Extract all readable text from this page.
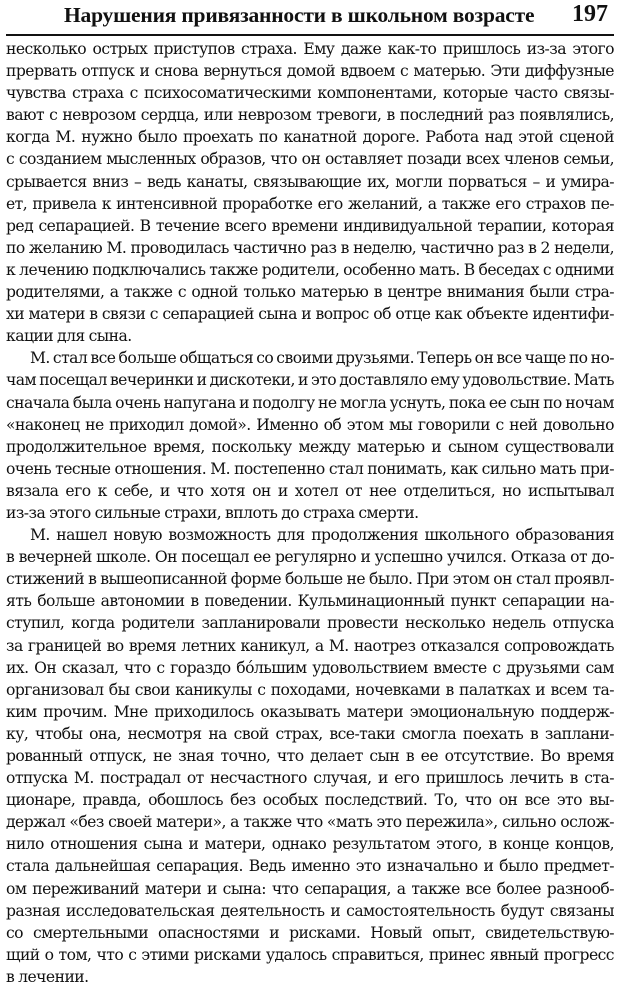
Нарушения привязанности в школьном возрасте 197
несколько острых приступов страха. Ему даже как-то пришлось из-за этого
прервать отпуск и снова вернуться домой вдвоем с матерью. Эти диффузные
чувства страха с психосоматическими компонентами, которые часто связы-
вают с неврозом сердца, или неврозом тревоги, в последний раз появлялись,
когда М. нужно было проехать по канатной дороге. Работа над этой сценой
с созданием мысленных образов, что он оставляет позади всех членов семьи,
срывается вниз – ведь канаты, связывающие их, могли порваться – и умира-
ет, привела к интенсивной проработке его желаний, а также его страхов пе-
ред сепарацией. В течение всего времени индивидуальной терапии, которая
по желанию М. проводилась частично раз в неделю, частично раз в 2 недели,
к лечению подключались также родители, особенно мать. В беседах с одними
родителями, а также с одной только матерью в центре внимания были стра-
хи матери в связи с сепарацией сына и вопрос об отце как объекте идентифи-
кации для сына.
М. стал все больше общаться со своими друзьями. Теперь он все чаще по но-
чам посещал вечеринки и дискотеки, и это доставляло ему удовольствие. Мать
сначала была очень напугана и подолгу не могла уснуть, пока ее сын по ночам
«наконец не приходил домой». Именно об этом мы говорили с ней довольно
продолжительное время, поскольку между матерью и сыном существовали
очень тесные отношения. М. постепенно стал понимать, как сильно мать при-
вязала его к себе, и что хотя он и хотел от нее отделиться, но испытывал
из-за этого сильные страхи, вплоть до страха смерти.
М. нашел новую возможность для продолжения школьного образования
в вечерней школе. Он посещал ее регулярно и успешно учился. Отказа от до-
стижений в вышеописанной форме больше не было. При этом он стал проявл-
ять больше автономии в поведении. Кульминационный пункт сепарации на-
ступил, когда родители запланировали провести несколько недель отпуска
за границей во время летних каникул, а М. наотрез отказался сопровождать
их. Он сказал, что с гораздо бóльшим удовольствием вместе с друзьями сам
организовал бы свои каникулы с походами, ночевками в палатках и всем та-
ким прочим. Мне приходилось оказывать матери эмоциональную поддерж-
ку, чтобы она, несмотря на свой страх, все-таки смогла поехать в заплани-
рованный отпуск, не зная точно, что делает сын в ее отсутствие. Во время
отпуска М. пострадал от несчастного случая, и его пришлось лечить в ста-
ционаре, правда, обошлось без особых последствий. То, что он все это вы-
держал «без своей матери», а также что «мать это пережила», сильно ослож-
нило отношения сына и матери, однако результатом этого, в конце концов,
стала дальнейшая сепарация. Ведь именно это изначально и было предмет-
ом переживаний матери и сына: что сепарация, а также все более разнооб-
разная исследовательская деятельность и самостоятельность будут связаны
со смертельными опасностями и рисками. Новый опыт, свидетельствую-
щий о том, что с этими рисками удалось справиться, принес явный прогресс
в лечении.
